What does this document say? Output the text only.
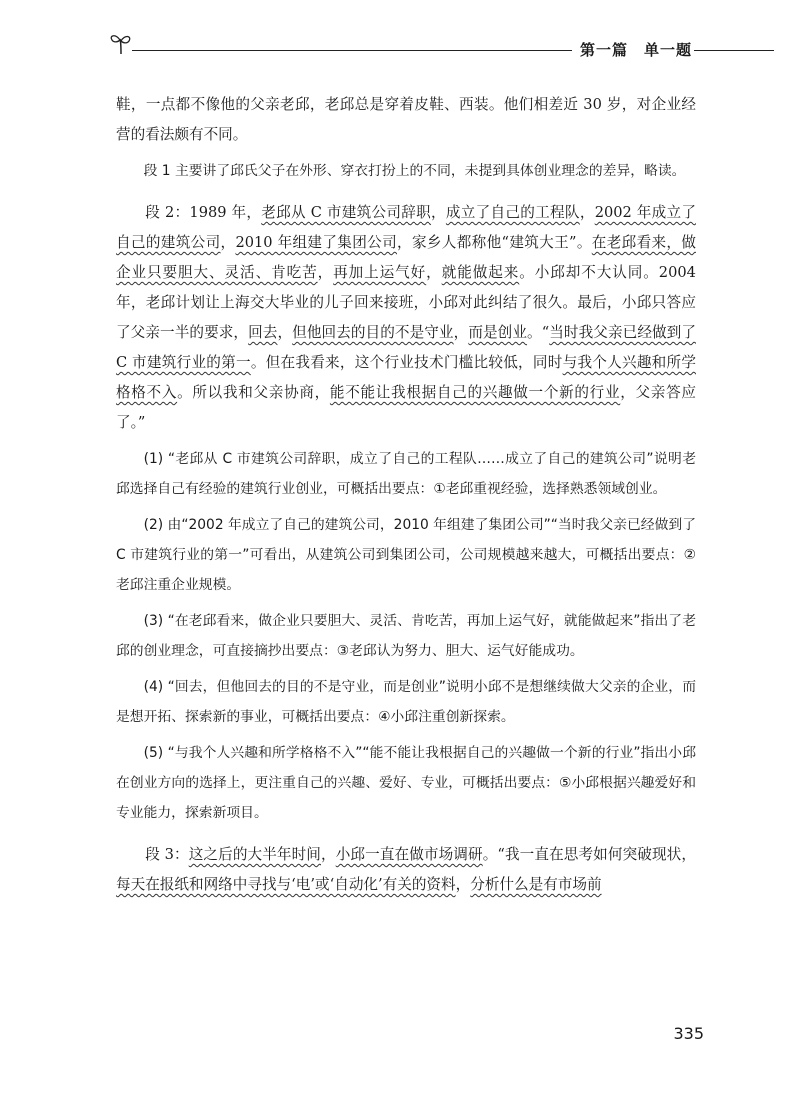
第一篇　单一题

鞋，一点都不像他的父亲老邱，老邱总是穿着皮鞋、西装。他们相差近 30 岁，对企业经营的看法颇有不同。

段 1 主要讲了邱氏父子在外形、穿衣打扮上的不同，未提到具体创业理念的差异，略读。

段 2：1989 年，老邱从 C 市建筑公司辞职，成立了自己的工程队，2002 年成立了自己的建筑公司，2010 年组建了集团公司，家乡人都称他“建筑大王”。在老邱看来，做企业只要胆大、灵活、肯吃苦，再加上运气好，就能做起来。小邱却不大认同。2004 年，老邱计划让上海交大毕业的儿子回来接班，小邱对此纠结了很久。最后，小邱只答应了父亲一半的要求，回去，但他回去的目的不是守业，而是创业。“当时我父亲已经做到了 C 市建筑行业的第一。但在我看来，这个行业技术门槛比较低，同时与我个人兴趣和所学格格不入。所以我和父亲协商，能不能让我根据自己的兴趣做一个新的行业，父亲答应了。”

(1) “老邱从 C 市建筑公司辞职，成立了自己的工程队……成立了自己的建筑公司”说明老邱选择自己有经验的建筑行业创业，可概括出要点：①老邱重视经验，选择熟悉领域创业。

(2) 由“2002 年成立了自己的建筑公司，2010 年组建了集团公司”“当时我父亲已经做到了 C 市建筑行业的第一”可看出，从建筑公司到集团公司，公司规模越来越大，可概括出要点：②老邱注重企业规模。

(3) “在老邱看来，做企业只要胆大、灵活、肯吃苦，再加上运气好，就能做起来”指出了老邱的创业理念，可直接摘抄出要点：③老邱认为努力、胆大、运气好能成功。

(4) “回去，但他回去的目的不是守业，而是创业”说明小邱不是想继续做大父亲的企业，而是想开拓、探索新的事业，可概括出要点：④小邱注重创新探索。

(5) “与我个人兴趣和所学格格不入”“能不能让我根据自己的兴趣做一个新的行业”指出小邱在创业方向的选择上，更注重自己的兴趣、爱好、专业，可概括出要点：⑤小邱根据兴趣爱好和专业能力，探索新项目。

段 3：这之后的大半年时间，小邱一直在做市场调研。“我一直在思考如何突破现状，每天在报纸和网络中寻找与‘电’或‘自动化’有关的资料，分析什么是有市场前

335
